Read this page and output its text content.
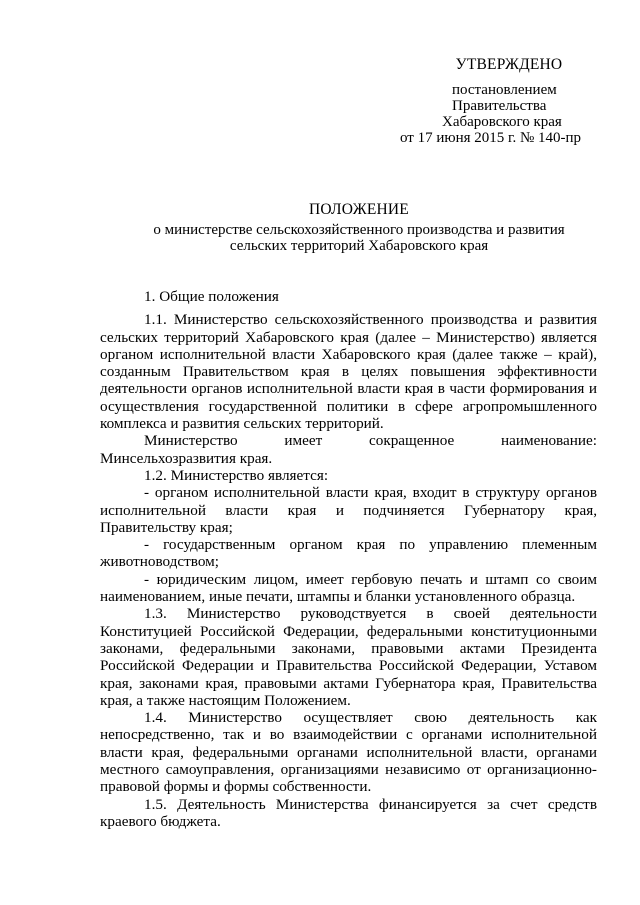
УТВЕРЖДЕНО
постановлением
Правительства
Хабаровского края
от 17 июня 2015 г. № 140-пр
ПОЛОЖЕНИЕ
о министерстве сельскохозяйственного производства и развития
сельских территорий Хабаровского края

1. Общие положения

1.1. Министерство сельскохозяйственного производства и развития сельских территорий Хабаровского края (далее – Министерство) является органом исполнительной власти Хабаровского края (далее также – край), созданным Правительством края в целях повышения эффективности деятельности органов исполнительной власти края в части формирования и осуществления государственной политики в сфере агропромышленного комплекса и развития сельских территорий.

Министерство имеет сокращенное наименование: Минсельхозразвития края.

1.2. Министерство является:

- органом исполнительной власти края, входит в структуру органов исполнительной власти края и подчиняется Губернатору края, Правительству края;

- государственным органом края по управлению племенным животноводством;

- юридическим лицом, имеет гербовую печать и штамп со своим наименованием, иные печати, штампы и бланки установленного образца.

1.3. Министерство руководствуется в своей деятельности Конституцией Российской Федерации, федеральными конституционными законами, федеральными законами, правовыми актами Президента Российской Федерации и Правительства Российской Федерации, Уставом края, законами края, правовыми актами Губернатора края, Правительства края, а также настоящим Положением.

1.4. Министерство осуществляет свою деятельность как непосредственно, так и во взаимодействии с органами исполнительной власти края, федеральными органами исполнительной власти, органами местного самоуправления, организациями независимо от организационно-правовой формы и формы собственности.

1.5. Деятельность Министерства финансируется за счет средств краевого бюджета.
